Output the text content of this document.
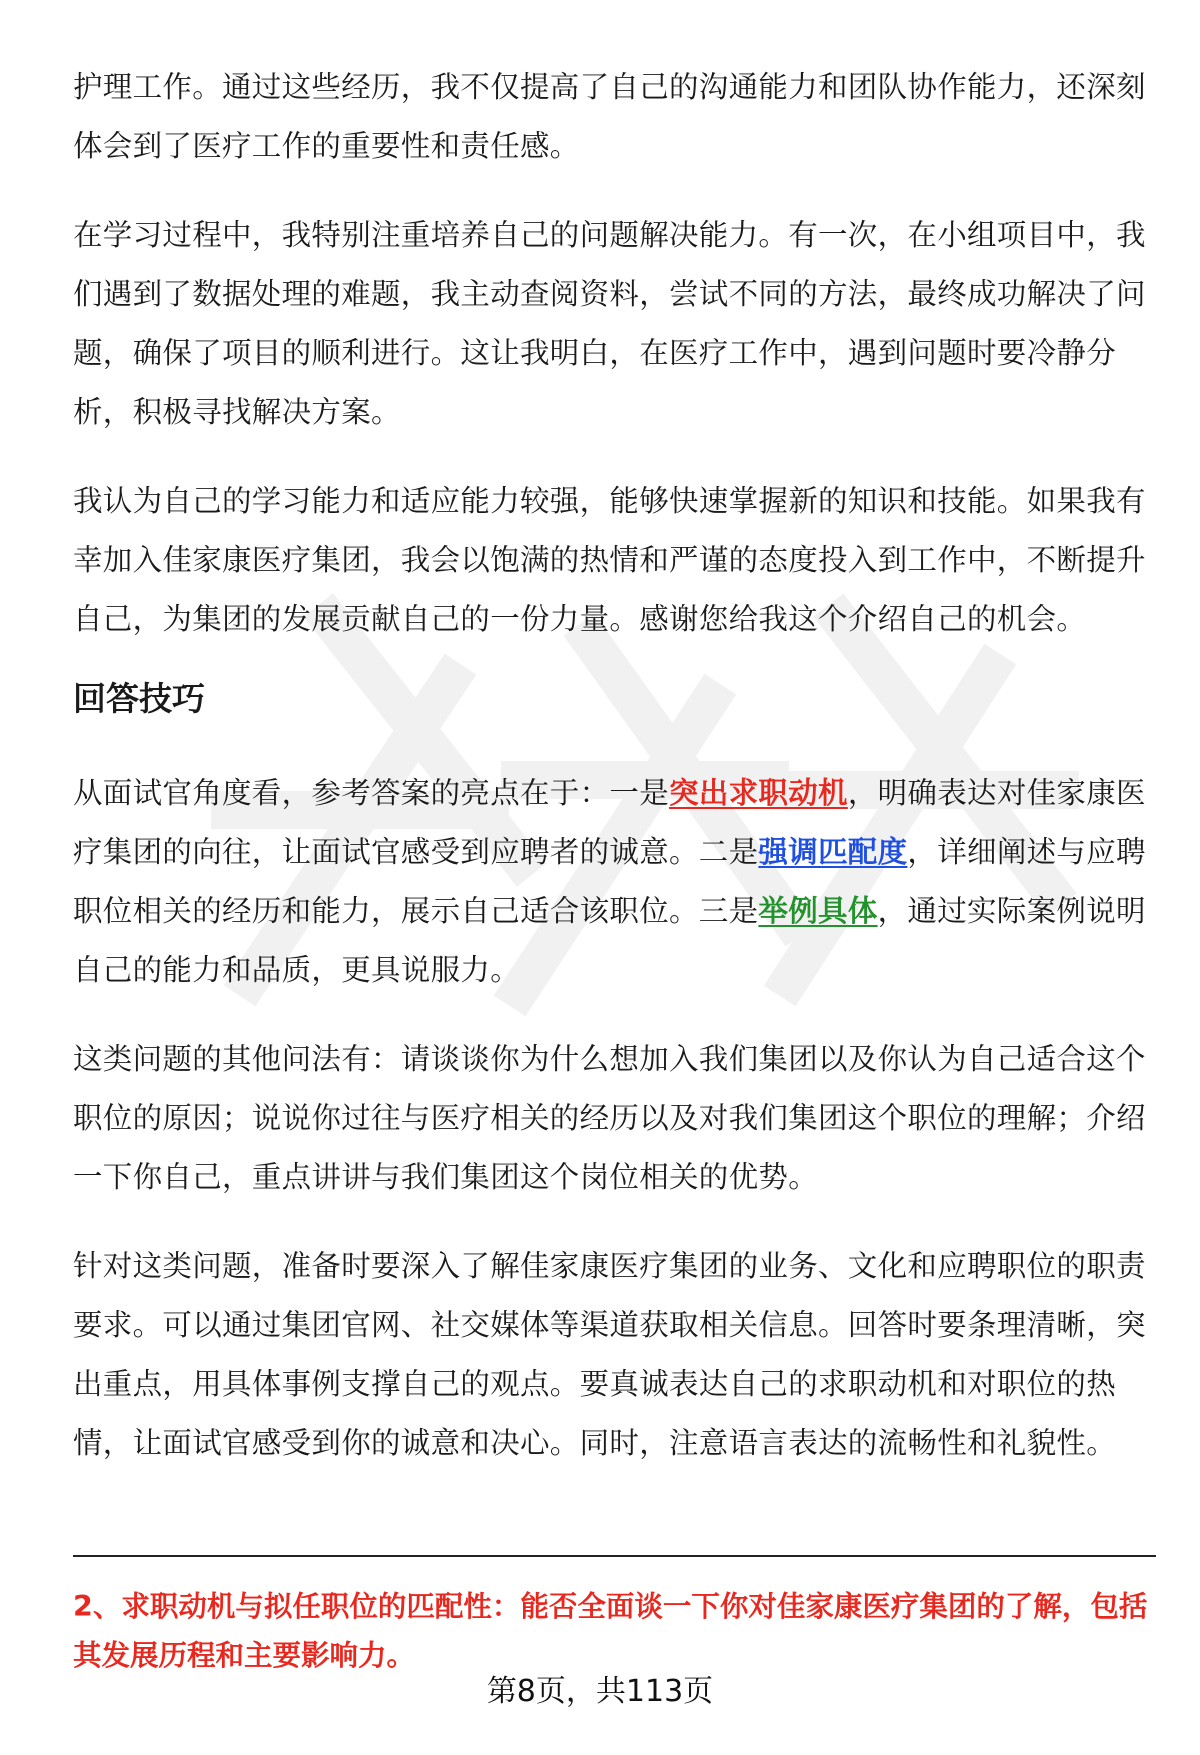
护理工作。通过这些经历，我不仅提高了自己的沟通能力和团队协作能力，还深刻体会到了医疗工作的重要性和责任感。

在学习过程中，我特别注重培养自己的问题解决能力。有一次，在小组项目中，我们遇到了数据处理的难题，我主动查阅资料，尝试不同的方法，最终成功解决了问题，确保了项目的顺利进行。这让我明白，在医疗工作中，遇到问题时要冷静分析，积极寻找解决方案。

我认为自己的学习能力和适应能力较强，能够快速掌握新的知识和技能。如果我有幸加入佳家康医疗集团，我会以饱满的热情和严谨的态度投入到工作中，不断提升自己，为集团的发展贡献自己的一份力量。感谢您给我这个介绍自己的机会。

回答技巧

从面试官角度看，参考答案的亮点在于：一是突出求职动机，明确表达对佳家康医疗集团的向往，让面试官感受到应聘者的诚意。二是强调匹配度，详细阐述与应聘职位相关的经历和能力，展示自己适合该职位。三是举例具体，通过实际案例说明自己的能力和品质，更具说服力。

这类问题的其他问法有：请谈谈你为什么想加入我们集团以及你认为自己适合这个职位的原因；说说你过往与医疗相关的经历以及对我们集团这个职位的理解；介绍一下你自己，重点讲讲与我们集团这个岗位相关的优势。

针对这类问题，准备时要深入了解佳家康医疗集团的业务、文化和应聘职位的职责要求。可以通过集团官网、社交媒体等渠道获取相关信息。回答时要条理清晰，突出重点，用具体事例支撑自己的观点。要真诚表达自己的求职动机和对职位的热情，让面试官感受到你的诚意和决心。同时，注意语言表达的流畅性和礼貌性。

2、求职动机与拟任职位的匹配性：能否全面谈一下你对佳家康医疗集团的了解，包括其发展历程和主要影响力。
第8页，共113页
